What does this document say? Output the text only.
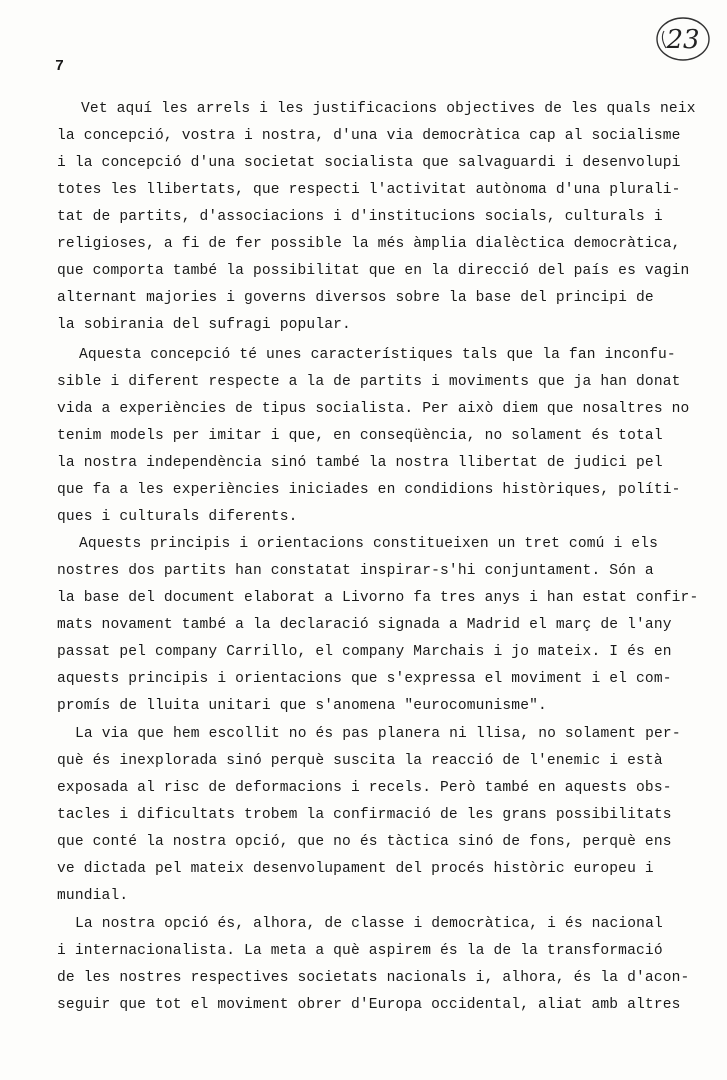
7
23
Vet aquí les arrels i les justificacions objectives de les quals neix
la concepció, vostra i nostra, d'una via democràtica cap al socialisme
i la concepció d'una societat socialista que salvaguardi i desenvolupi
totes les llibertats, que respecti l'activitat autònoma d'una plurali-
tat de partits, d'associacions i d'institucions socials, culturals i
religioses, a fi de fer possible la més àmplia dialèctica democràtica,
que comporta també la possibilitat que en la direcció del país es vagin
alternant majories i governs diversos sobre la base del principi de
la sobirania del sufragi popular.
Aquesta concepció té unes característiques tals que la fan inconfu-
sible i diferent respecte a la de partits i moviments que ja han donat
vida a experiències de tipus socialista. Per això diem que nosaltres no
tenim models per imitar i que, en conseqüència, no solament és total
la nostra independència sinó també la nostra llibertat de judici pel
que fa a les experiències iniciades en condidions històriques, políti-
ques i culturals diferents.
Aquests principis i orientacions constitueixen un tret comú i els
nostres dos partits han constatat inspirar-s'hi conjuntament. Són a
la base del document elaborat a Livorno fa tres anys i han estat confir-
mats novament també a la declaració signada a Madrid el març de l'any
passat pel company Carrillo, el company Marchais i jo mateix. I és en
aquests principis i orientacions que s'expressa el moviment i el com-
promís de lluita unitari que s'anomena "eurocomunisme".
La via que hem escollit no és pas planera ni llisa, no solament per-
què és inexplorada sinó perquè suscita la reacció de l'enemic i està
exposada al risc de deformacions i recels. Però també en aquests obs-
tacles i dificultats trobem la confirmació de les grans possibilitats
que conté la nostra opció, que no és tàctica sinó de fons, perquè ens
ve dictada pel mateix desenvolupament del procés històric europeu i
mundial.
La nostra opció és, alhora, de classe i democràtica, i és nacional
i internacionalista. La meta a què aspirem és la de la transformació
de les nostres respectives societats nacionals i, alhora, és la d'acon-
seguir que tot el moviment obrer d'Europa occidental, aliat amb altres
